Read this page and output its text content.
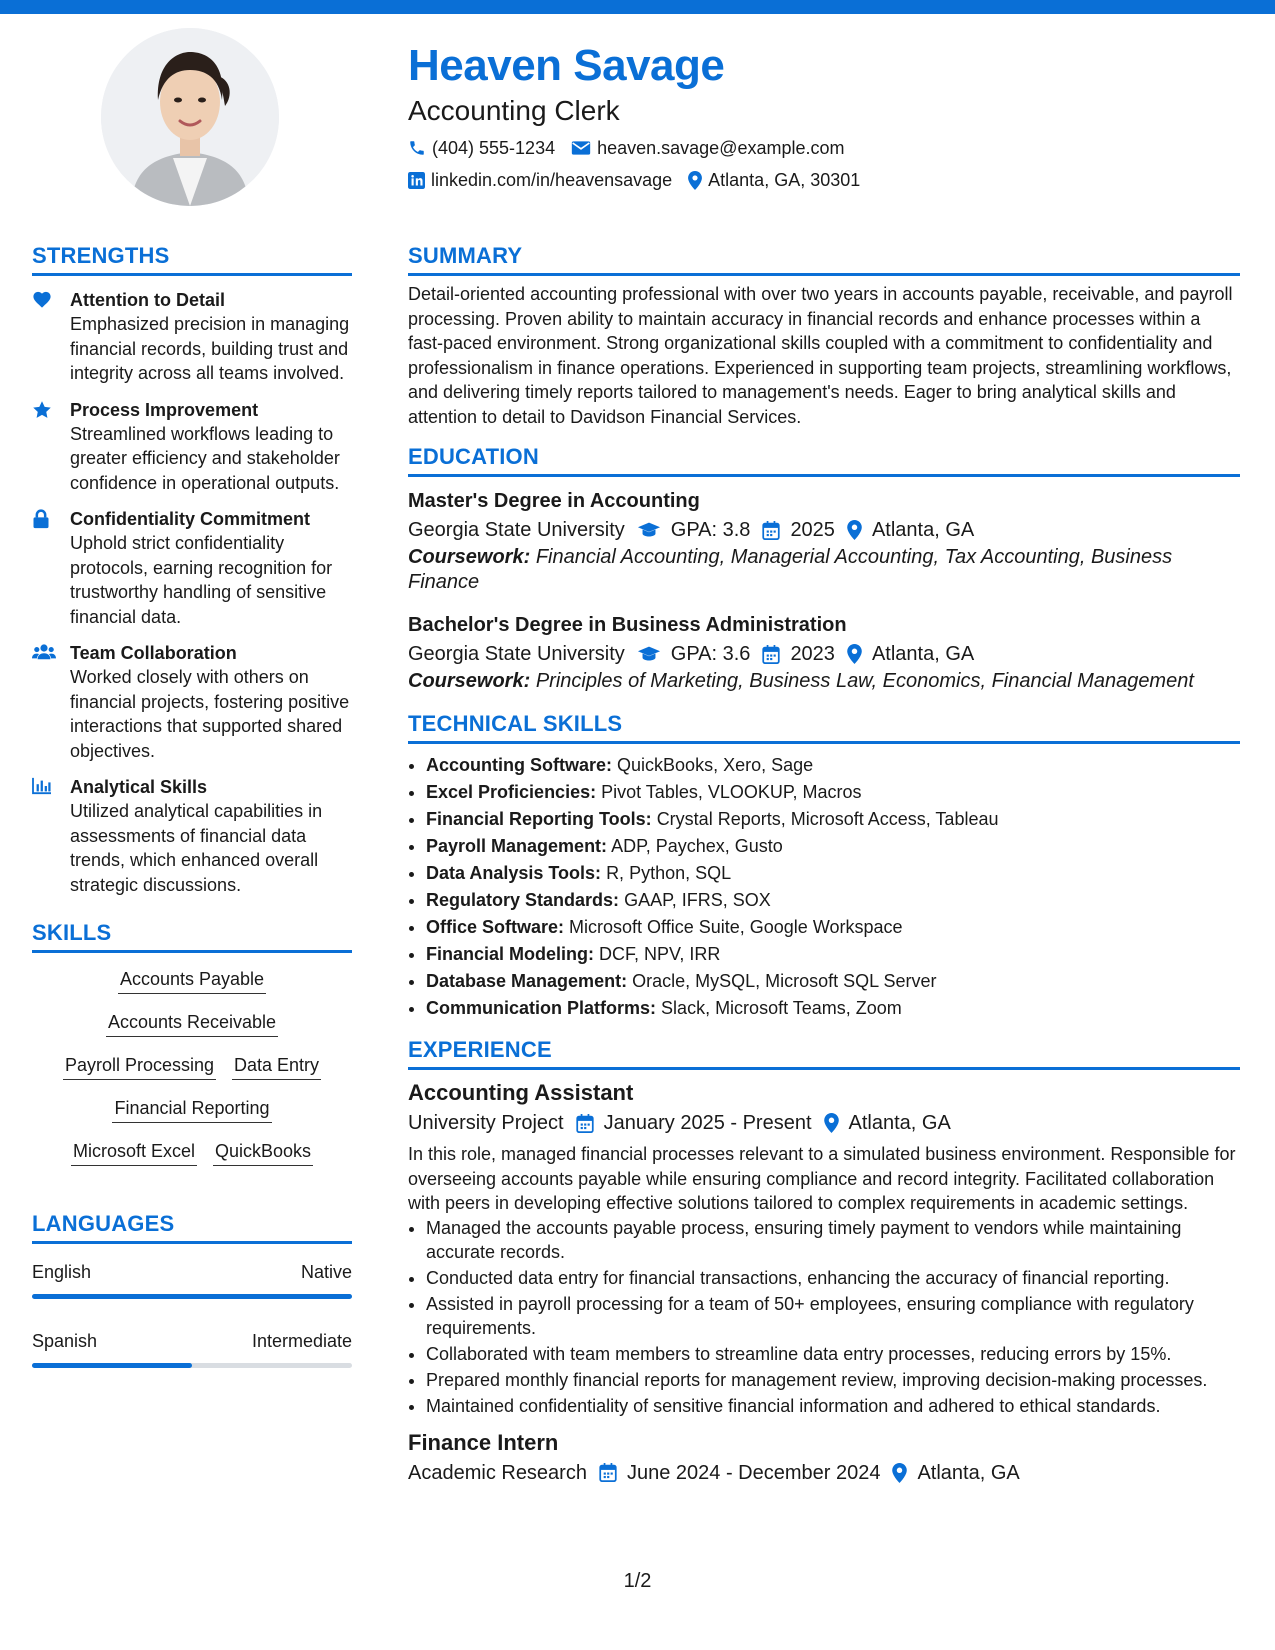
Heaven Savage
Accounting Clerk
(404) 555-1234 heaven.savage@example.com
linkedin.com/in/heavensavage Atlanta, GA, 30301
STRENGTHS
Attention to Detail
Emphasized precision in managing financial records, building trust and integrity across all teams involved.
Process Improvement
Streamlined workflows leading to greater efficiency and stakeholder confidence in operational outputs.
Confidentiality Commitment
Uphold strict confidentiality protocols, earning recognition for trustworthy handling of sensitive financial data.
Team Collaboration
Worked closely with others on financial projects, fostering positive interactions that supported shared objectives.
Analytical Skills
Utilized analytical capabilities in assessments of financial data trends, which enhanced overall strategic discussions.
SKILLS
Accounts Payable
Accounts Receivable
Payroll Processing Data Entry
Financial Reporting
Microsoft Excel QuickBooks
LANGUAGES
English	Native
Spanish	Intermediate
SUMMARY
Detail-oriented accounting professional with over two years in accounts payable, receivable, and payroll processing. Proven ability to maintain accuracy in financial records and enhance processes within a fast-paced environment. Strong organizational skills coupled with a commitment to confidentiality and professionalism in finance operations. Experienced in supporting team projects, streamlining workflows, and delivering timely reports tailored to management's needs. Eager to bring analytical skills and attention to detail to Davidson Financial Services.
EDUCATION
Master's Degree in Accounting
Georgia State University GPA: 3.8 2025 Atlanta, GA
Coursework: Financial Accounting, Managerial Accounting, Tax Accounting, Business Finance
Bachelor's Degree in Business Administration
Georgia State University GPA: 3.6 2023 Atlanta, GA
Coursework: Principles of Marketing, Business Law, Economics, Financial Management
TECHNICAL SKILLS
• Accounting Software: QuickBooks, Xero, Sage
• Excel Proficiencies: Pivot Tables, VLOOKUP, Macros
• Financial Reporting Tools: Crystal Reports, Microsoft Access, Tableau
• Payroll Management: ADP, Paychex, Gusto
• Data Analysis Tools: R, Python, SQL
• Regulatory Standards: GAAP, IFRS, SOX
• Office Software: Microsoft Office Suite, Google Workspace
• Financial Modeling: DCF, NPV, IRR
• Database Management: Oracle, MySQL, Microsoft SQL Server
• Communication Platforms: Slack, Microsoft Teams, Zoom
EXPERIENCE
Accounting Assistant
University Project January 2025 - Present Atlanta, GA
In this role, managed financial processes relevant to a simulated business environment. Responsible for overseeing accounts payable while ensuring compliance and record integrity. Facilitated collaboration with peers in developing effective solutions tailored to complex requirements in academic settings.
• Managed the accounts payable process, ensuring timely payment to vendors while maintaining accurate records.
• Conducted data entry for financial transactions, enhancing the accuracy of financial reporting.
• Assisted in payroll processing for a team of 50+ employees, ensuring compliance with regulatory requirements.
• Collaborated with team members to streamline data entry processes, reducing errors by 15%.
• Prepared monthly financial reports for management review, improving decision-making processes.
• Maintained confidentiality of sensitive financial information and adhered to ethical standards.
Finance Intern
Academic Research June 2024 - December 2024 Atlanta, GA
1/2
